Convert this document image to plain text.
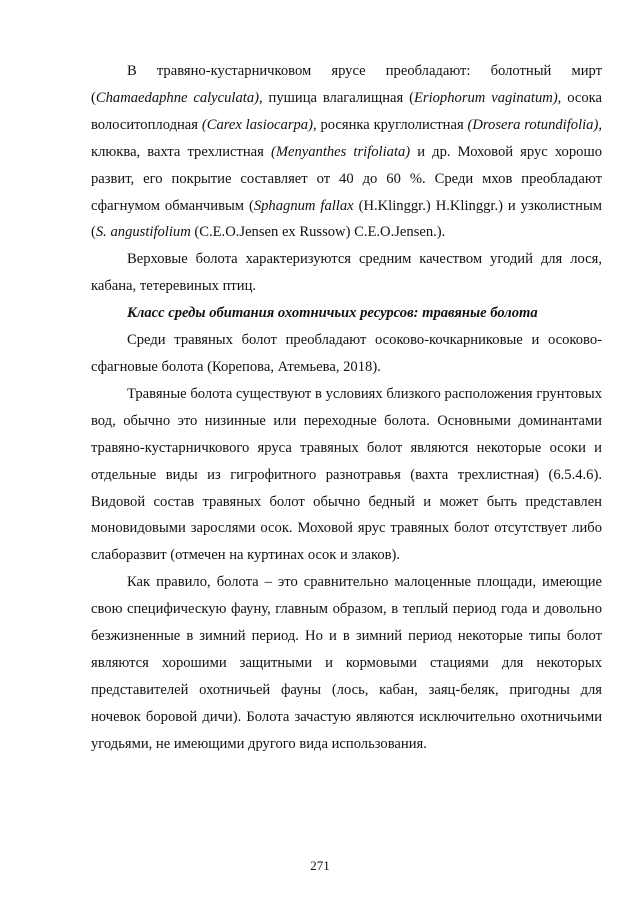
В травяно-кустарничковом ярусе преобладают: болотный мирт (Chamaedaphne calyculata), пушица влагалищная (Eriophorum vaginatum), осока волоситоплодная (Carex lasiocarpa), росянка круглолистная (Drosera rotundifolia), клюква, вахта трехлистная (Menyanthes trifoliata) и др. Моховой ярус хорошо развит, его покрытие составляет от 40 до 60 %. Среди мхов преобладают сфагнумом обманчивым (Sphagnum fallax (H.Klinggr.) H.Klinggr.) и узколистным (S. angustifolium (C.E.O.Jensen ex Russow) C.E.O.Jensen.).

Верховые болота характеризуются средним качеством угодий для лося, кабана, тетеревиных птиц.

Класс среды обитания охотничьих ресурсов: травяные болота

Среди травяных болот преобладают осоково-кочкарниковые и осоково-сфагновые болота (Корепова, Атемьева, 2018).

Травяные болота существуют в условиях близкого расположения грунтовых вод, обычно это низинные или переходные болота. Основными доминантами травяно-кустарничкового яруса травяных болот являются некоторые осоки и отдельные виды из гигрофитного разнотравья (вахта трехлистная) (6.5.4.6). Видовой состав травяных болот обычно бедный и может быть представлен моновидовыми зарослями осок. Моховой ярус травяных болот отсутствует либо слаборазвит (отмечен на куртинах осок и злаков).

Как правило, болота – это сравнительно малоценные площади, имеющие свою специфическую фауну, главным образом, в теплый период года и довольно безжизненные в зимний период. Но и в зимний период некоторые типы болот являются хорошими защитными и кормовыми стациями для некоторых представителей охотничьей фауны (лось, кабан, заяц-беляк, пригодны для ночевок боровой дичи). Болота зачастую являются исключительно охотничьими угодьями, не имеющими другого вида использования.

271
